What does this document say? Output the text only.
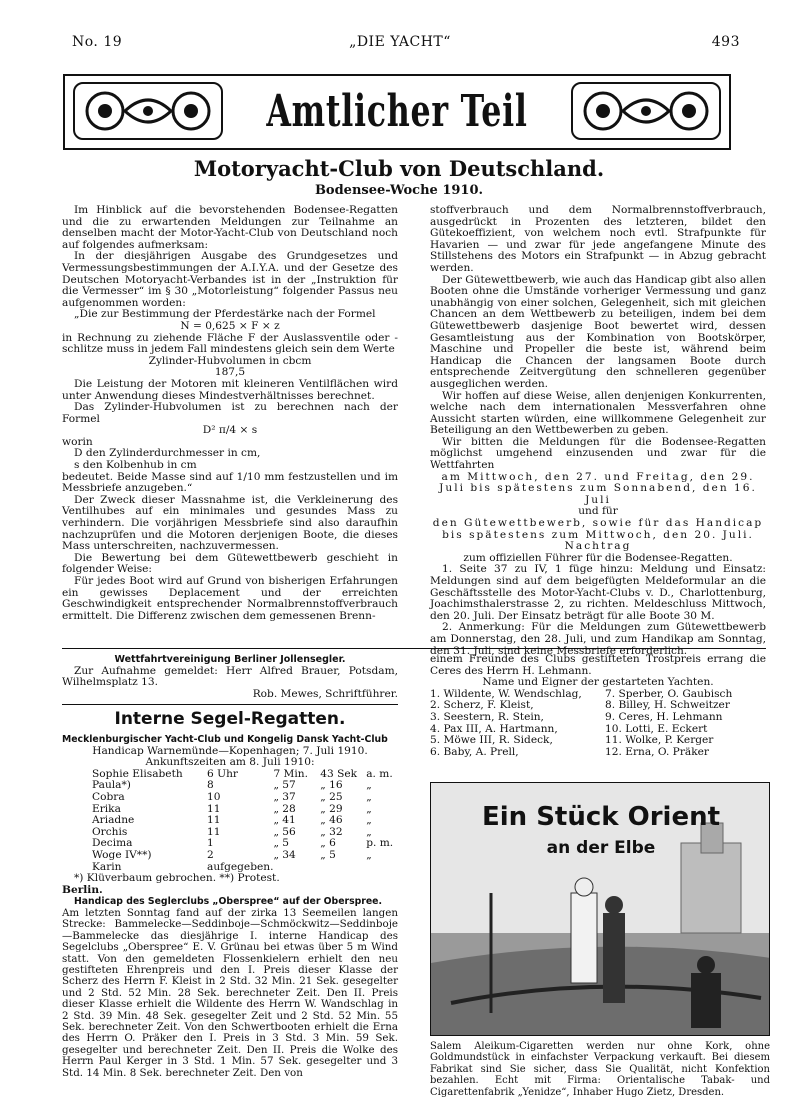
No. 19	„DIE YACHT“	493
Amtlicher Teil
Motoryacht-Club von Deutschland.
Bodensee-Woche 1910.

Im Hinblick auf die bevorstehenden Bodensee-Regatten und die zu erwartenden Meldungen zur Teilnahme an denselben macht der Motor-Yacht-Club von Deutschland noch auf folgendes aufmerksam:

In der diesjährigen Ausgabe des Grundgesetzes und Vermessungsbestimmungen der A.I.Y.A. und der Gesetze des Deutschen Motoryacht-Verbandes ist in der „Instruktion für die Vermesser“ im § 30 „Motorleistung“ folgender Passus neu aufgenommen worden:

„Die zur Bestimmung der Pferdestärke nach der Formel

N = 0,625 × F × z

in Rechnung zu ziehende Fläche F der Auslassventile oder -schlitze muss in jedem Fall mindestens gleich sein dem Werte

Zylinder-Hubvolumen in cbcm

187,5

Die Leistung der Motoren mit kleineren Ventilflächen wird unter Anwendung dieses Mindestverhältnisses berechnet.

Das Zylinder-Hubvolumen ist zu berechnen nach der Formel

D² π/4 × s

worin

D den Zylinderdurchmesser in cm,

s den Kolbenhub in cm

bedeutet. Beide Masse sind auf 1/10 mm festzustellen und im Messbriefe anzugeben.“

Der Zweck dieser Massnahme ist, die Verkleinerung des Ventilhubes auf ein minimales und gesundes Mass zu verhindern. Die vorjährigen Messbriefe sind also daraufhin nachzuprüfen und die Motoren derjenigen Boote, die dieses Mass unterschreiten, nachzuvermessen.

Die Bewertung bei dem Gütewettbewerb geschieht in folgender Weise:

Für jedes Boot wird auf Grund von bisherigen Erfahrungen ein gewisses Deplacement und der erreichten Geschwindigkeit entsprechender Normalbrennstoffverbrauch ermittelt. Die Differenz zwischen dem gemessenen Brenn-

stoffverbrauch und dem Normalbrennstoffverbrauch, ausgedrückt in Prozenten des letzteren, bildet den Gütekoeffizient, von welchem noch evtl. Strafpunkte für Havarien — und zwar für jede angefangene Minute des Stillstehens des Motors ein Strafpunkt — in Abzug gebracht werden.

Der Gütewettbewerb, wie auch das Handicap gibt also allen Booten ohne die Umstände vorheriger Vermessung und ganz unabhängig von einer solchen, Gelegenheit, sich mit gleichen Chancen an dem Wettbewerb zu beteiligen, indem bei dem Gütewettbewerb dasjenige Boot bewertet wird, dessen Gesamtleistung aus der Kombination von Bootskörper, Maschine und Propeller die beste ist, während beim Handicap die Chancen der langsamen Boote durch entsprechende Zeitvergütung den schnelleren gegenüber ausgeglichen werden.

Wir hoffen auf diese Weise, allen denjenigen Konkurrenten, welche nach dem internationalen Messverfahren ohne Aussicht starten würden, eine willkommene Gelegenheit zur Beteiligung an den Wettbewerben zu geben.

Wir bitten die Meldungen für die Bodensee-Regatten möglichst umgehend einzusenden und zwar für die Wettfahrten

am Mittwoch, den 27. und Freitag, den 29. Juli bis spätestens zum Sonnabend, den 16. Juli

und für

den Gütewettbewerb, sowie für das Handicap bis spätestens zum Mittwoch, den 20. Juli.

Nachtrag

zum offiziellen Führer für die Bodensee-Regatten.

1. Seite 37 zu IV, 1 füge hinzu: Meldung und Einsatz: Meldungen sind auf dem beigefügten Meldeformular an die Geschäftsstelle des Motor-Yacht-Clubs v. D., Charlottenburg, Joachimsthalerstrasse 2, zu richten. Meldeschluss Mittwoch, den 20. Juli. Der Einsatz beträgt für alle Boote 30 M.

2. Anmerkung: Für die Meldungen zum Gütewettbewerb am Donnerstag, den 28. Juli, und zum Handikap am Sonntag, den 31. Juli, sind keine Messbriefe erforderlich.

Wettfahrtvereinigung Berliner Jollensegler.

Zur Aufnahme gemeldet: Herr Alfred Brauer, Potsdam, Wilhelmsplatz 13.

Rob. Mewes, Schriftführer.

Interne Segel-Regatten.

Mecklenburgischer Yacht-Club und Kongelig Dansk Yacht-Club

Handicap Warnemünde—Kopenhagen; 7. Juli 1910.

Ankunftszeiten am 8. Juli 1910:

Sophie Elisabeth	6 Uhr	7 Min.	43 Sek	a. m.
Paula*)	8	„ 57	„ 16	„
Cobra	10	„ 37	„ 25	„
Erika	11	„ 28	„ 29	„
Ariadne	11	„ 41	„ 46	„
Orchis	11	„ 56	„ 32	„
Decima	1	„ 5	„ 6	p. m.
Woge IV**)	2	„ 34	„ 5	„
Karin	aufgegeben.			

*) Klüverbaum gebrochen. **) Protest.

Berlin.

Handicap des Seglerclubs „Oberspree“ auf der Oberspree.

Am letzten Sonntag fand auf der zirka 13 Seemeilen langen Strecke: Bammelecke—Seddinboje—Schmöckwitz—Seddinboje—Bammelecke das diesjährige I. interne Handicap des Segelclubs „Oberspree“ E. V. Grünau bei etwas über 5 m Wind statt. Von den gemeldeten Flossenkielern erhielt den neu gestifteten Ehrenpreis und den I. Preis dieser Klasse der Scherz des Herrn F. Kleist in 2 Std. 32 Min. 21 Sek. gesegelter und 2 Std. 52 Min. 28 Sek. berechneter Zeit. Den II. Preis dieser Klasse erhielt die Wildente des Herrn W. Wandschlag in 2 Std. 39 Min. 48 Sek. gesegelter Zeit und 2 Std. 52 Min. 55 Sek. berechneter Zeit. Von den Schwertbooten erhielt die Erna des Herrn O. Präker den I. Preis in 3 Std. 3 Min. 59 Sek. gesegelter und berechneter Zeit. Den II. Preis die Wolke des Herrn Paul Kerger in 3 Std. 1 Min. 57 Sek. gesegelter und 3 Std. 14 Min. 8 Sek. berechneter Zeit. Den von

einem Freunde des Clubs gestifteten Trostpreis errang die Ceres des Herrn H. Lehmann.

Name und Eigner der gestarteten Yachten.

1. Wildente, W. Wendschlag,
2. Scherz, F. Kleist,
3. Seestern, R. Stein,
4. Pax III, A. Hartmann,
5. Möwe III, R. Sideck,
6. Baby, A. Prell,
7. Sperber, O. Gaubisch
8. Billey, H. Schweitzer
9. Ceres, H. Lehmann
10. Lotti, E. Eckert
11. Wolke, P. Kerger
12. Erna, O. Präker
Ein Stück Orient
an der Elbe

Salem Aleikum-Cigaretten werden nur ohne Kork, ohne Goldmundstück in einfachster Verpackung verkauft. Bei diesem Fabrikat sind Sie sicher, dass Sie Qualität, nicht Konfektion bezahlen. Echt mit Firma: Orientalische Tabak- und Cigarettenfabrik „Yenidze“, Inhaber Hugo Zietz, Dresden.
